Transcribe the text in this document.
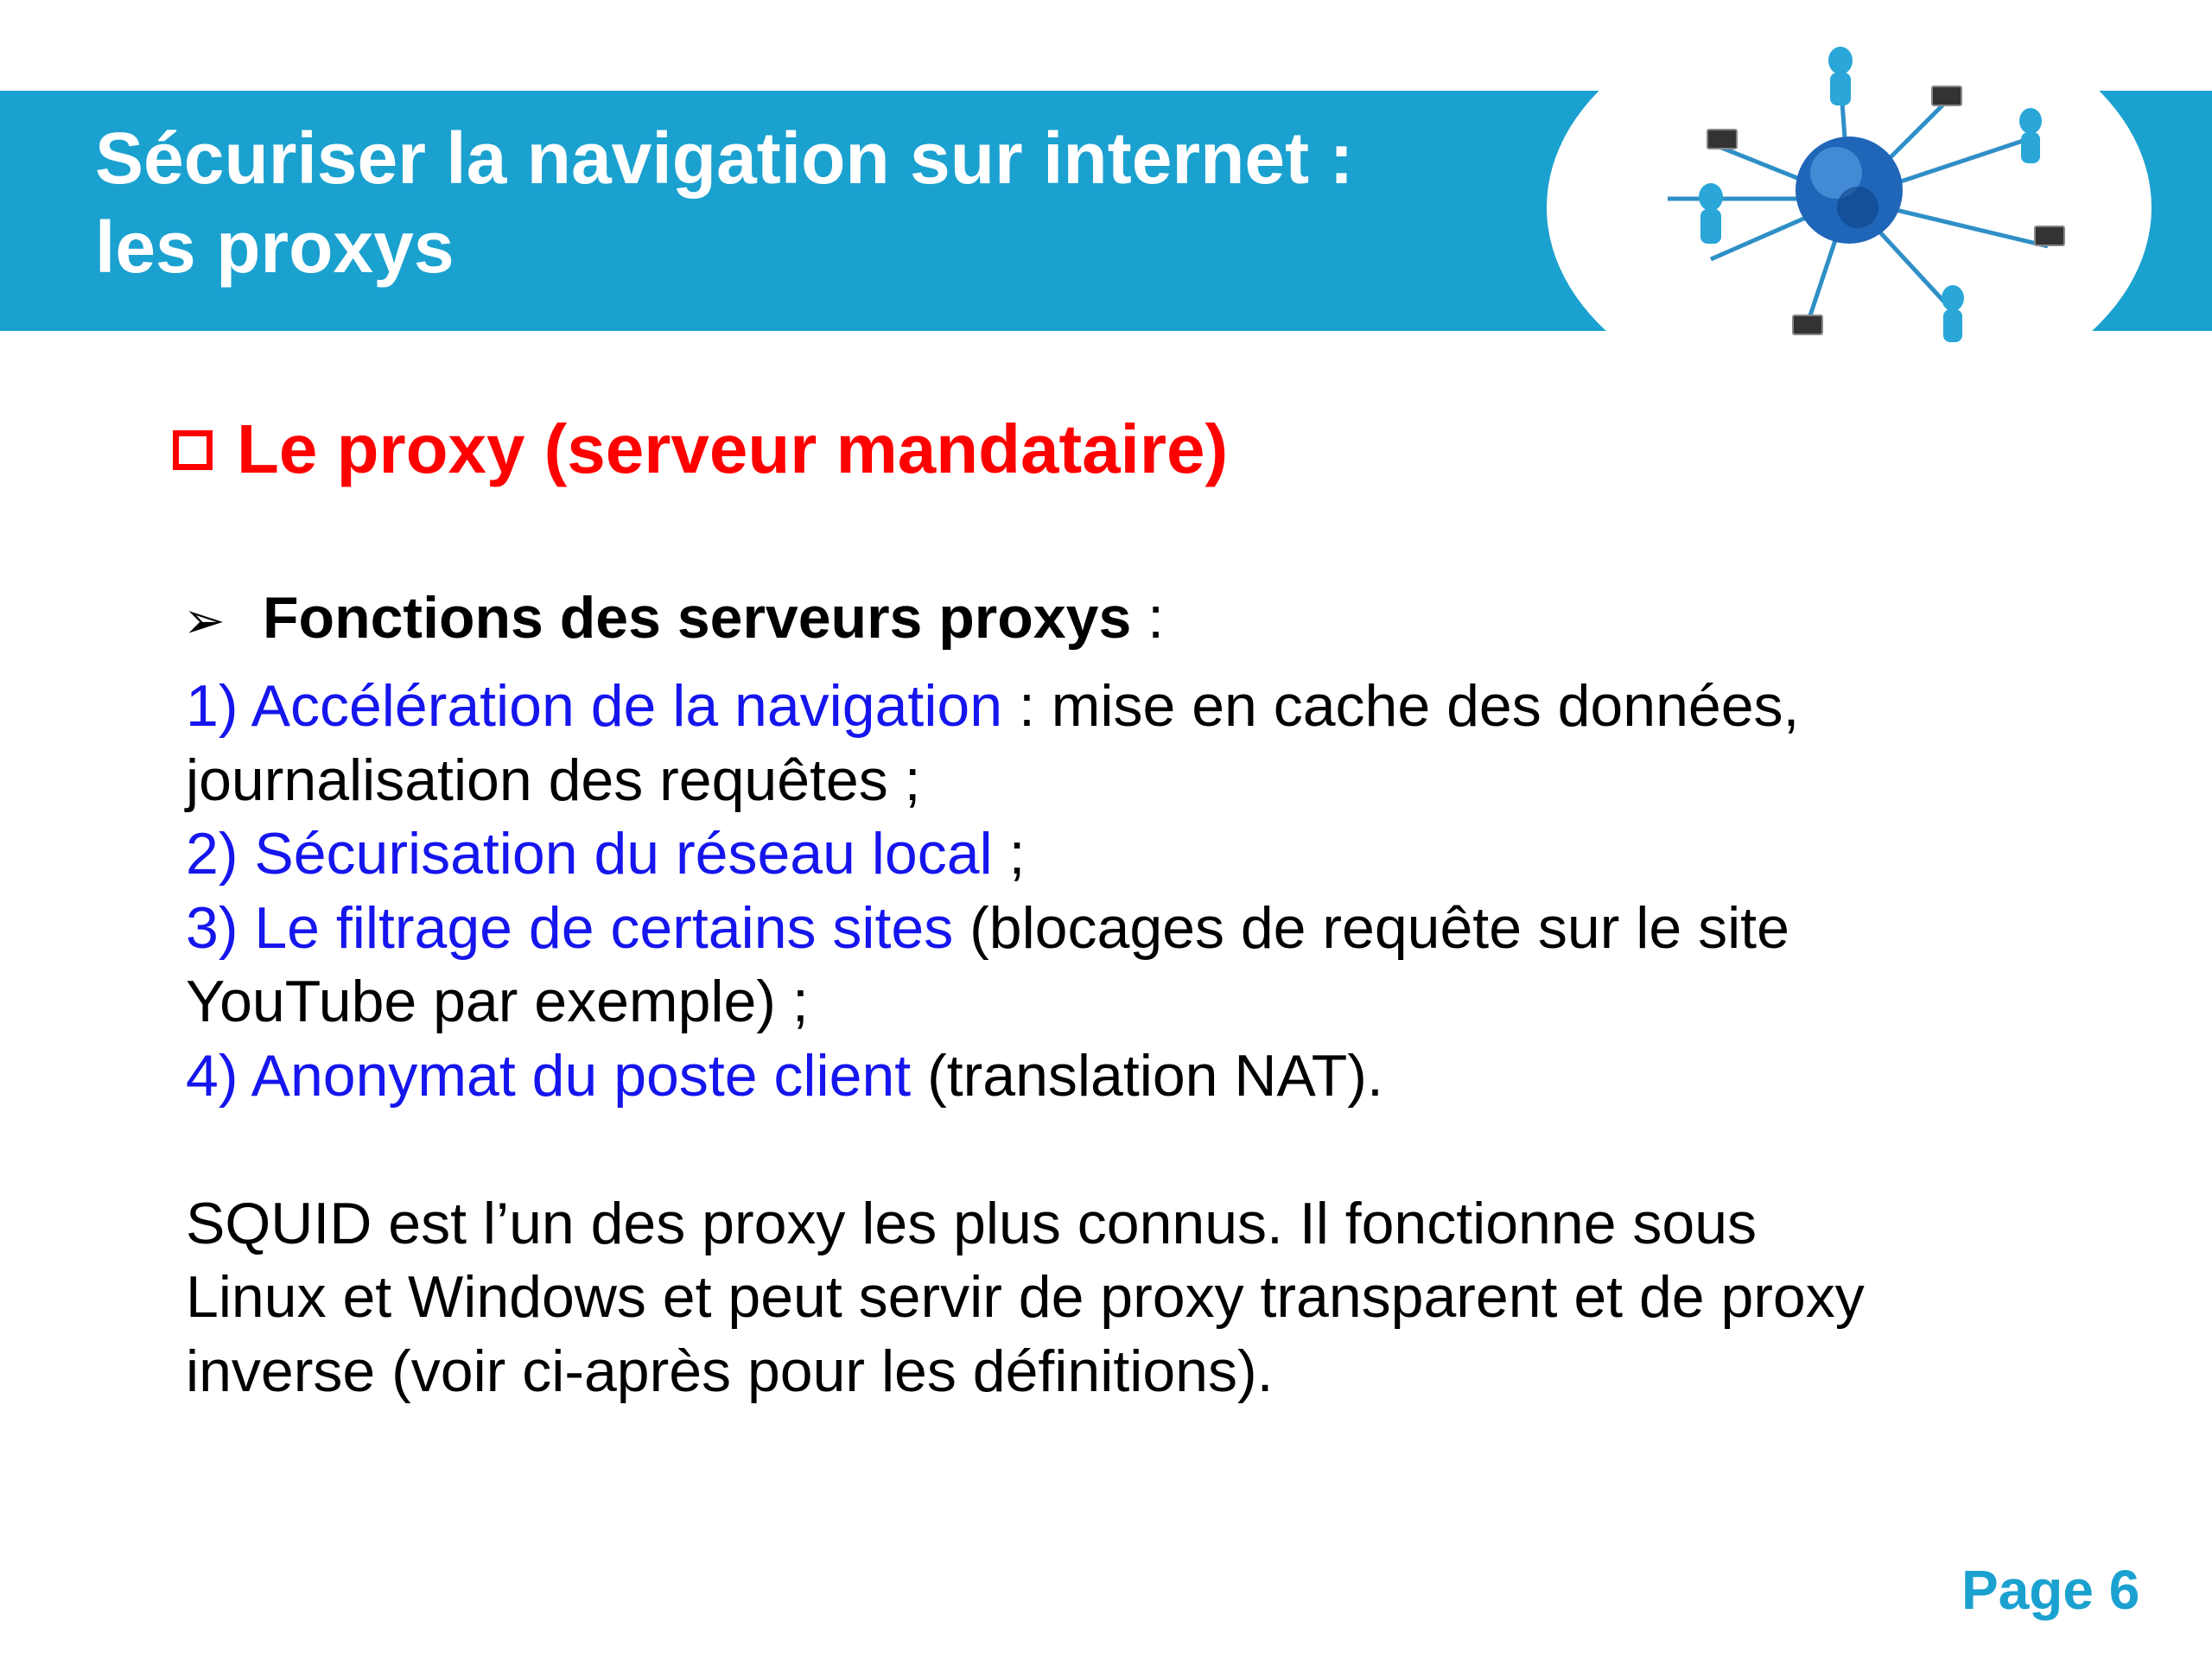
Sécuriser la navigation sur internet :
les proxys
Le proxy (serveur mandataire)
➢ Fonctions des serveurs proxys :

1) Accélération de la navigation : mise en cache des données,

journalisation des requêtes ;

2) Sécurisation du réseau local ;

3) Le filtrage de certains sites (blocages de requête sur le site

YouTube par exemple) ;

4) Anonymat du poste client (translation NAT).

SQUID est l’un des proxy les plus connus. Il fonctionne sous

Linux et Windows et peut servir de proxy transparent et de proxy

inverse (voir ci-après pour les définitions).

Page 6
